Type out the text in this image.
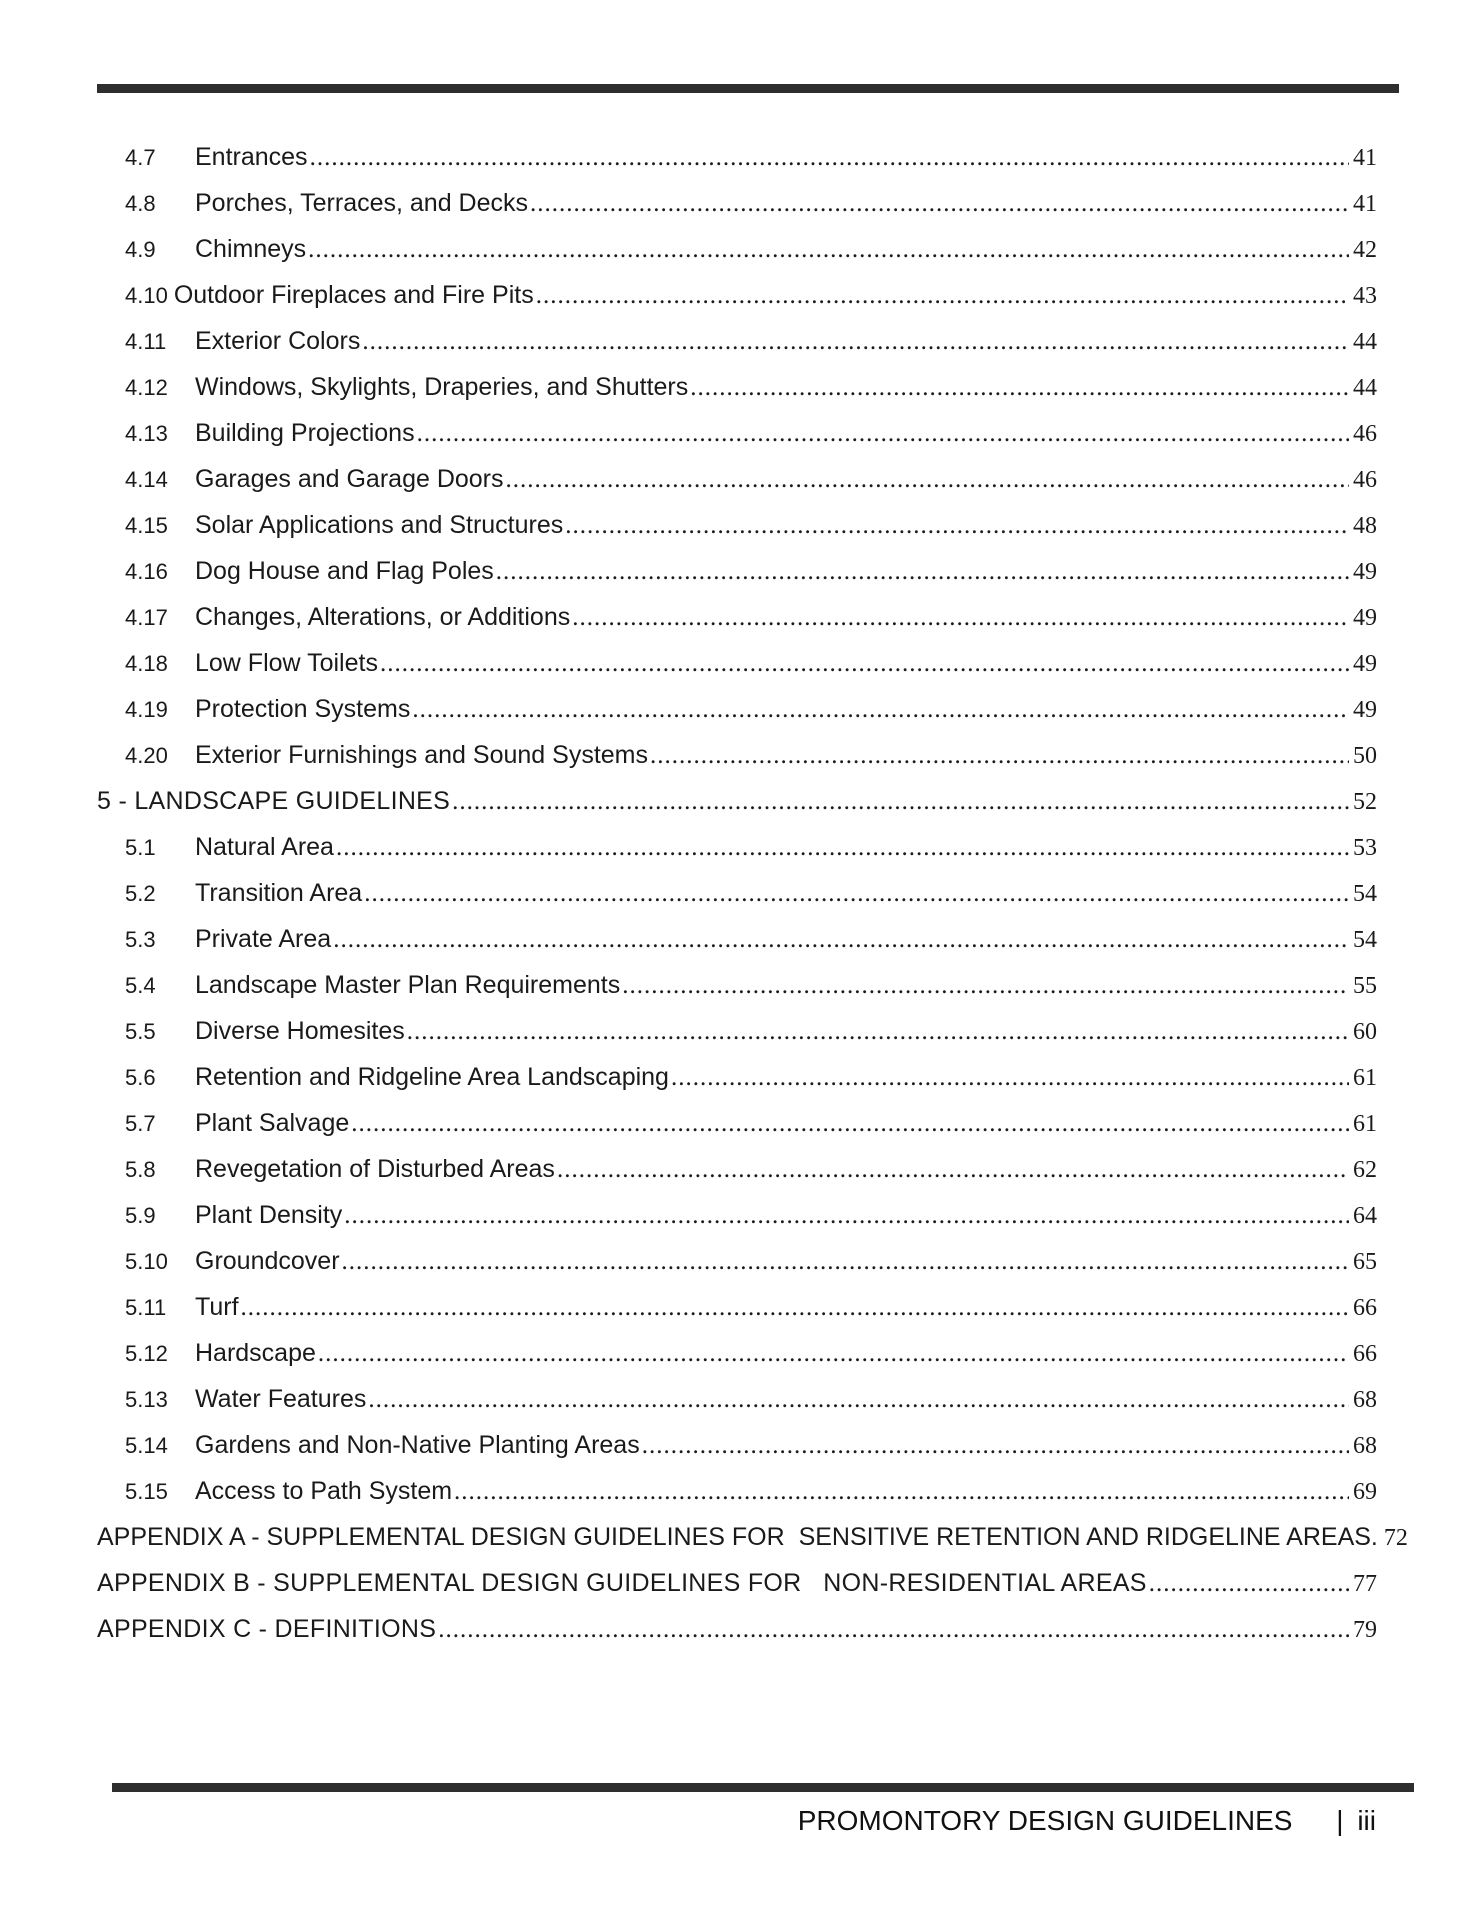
4.7	Entrances .....	41
4.8	Porches, Terraces, and Decks .....	41
4.9	Chimneys .....	42
4.10 Outdoor Fireplaces and Fire Pits .....	43
4.11	Exterior Colors .....	44
4.12	Windows, Skylights, Draperies, and Shutters .....	44
4.13	Building Projections .....	46
4.14	Garages and Garage Doors .....	46
4.15	Solar Applications and Structures .....	48
4.16	Dog House and Flag Poles .....	49
4.17	Changes, Alterations, or Additions .....	49
4.18	Low Flow Toilets .....	49
4.19	Protection Systems .....	49
4.20	Exterior Furnishings and Sound Systems .....	50
5 - LANDSCAPE GUIDELINES .....	52
5.1	Natural Area .....	53
5.2	Transition Area .....	54
5.3	Private Area .....	54
5.4	Landscape Master Plan Requirements .....	55
5.5	Diverse Homesites .....	60
5.6	Retention and Ridgeline Area Landscaping .....	61
5.7	Plant Salvage .....	61
5.8	Revegetation of Disturbed Areas .....	62
5.9	Plant Density .....	64
5.10	Groundcover .....	65
5.11	Turf .....	66
5.12	Hardscape .....	66
5.13	Water Features .....	68
5.14	Gardens and Non-Native Planting Areas .....	68
5.15	Access to Path System .....	69
APPENDIX A - SUPPLEMENTAL DESIGN GUIDELINES FOR  SENSITIVE RETENTION AND RIDGELINE AREAS. 72
APPENDIX B - SUPPLEMENTAL DESIGN GUIDELINES FOR   NON-RESIDENTIAL AREAS .....	77
APPENDIX C - DEFINITIONS .....	79
PROMONTORY DESIGN GUIDELINES | iii
